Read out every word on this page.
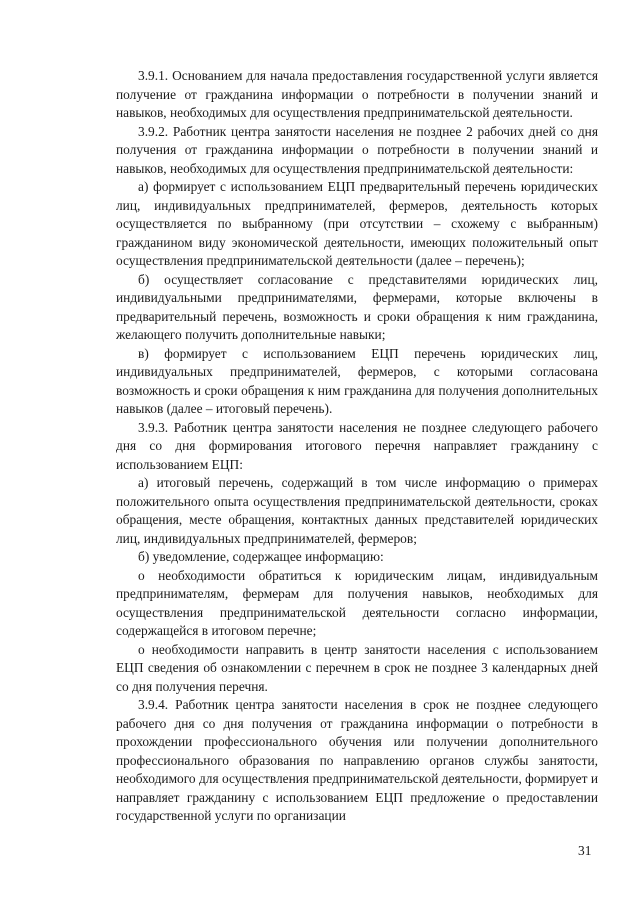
3.9.1. Основанием для начала предоставления государственной услуги является получение от гражданина информации о потребности в получении знаний и навыков, необходимых для осуществления предпринимательской деятельности.

3.9.2. Работник центра занятости населения не позднее 2 рабочих дней со дня получения от гражданина информации о потребности в получении знаний и навыков, необходимых для осуществления предпринимательской деятельности:

а) формирует с использованием ЕЦП предварительный перечень юридических лиц, индивидуальных предпринимателей, фермеров, деятельность которых осуществляется по выбранному (при отсутствии – схожему с выбранным) гражданином виду экономической деятельности, имеющих положительный опыт осуществления предпринимательской деятельности (далее – перечень);

б) осуществляет согласование с представителями юридических лиц, индивидуальными предпринимателями, фермерами, которые включены в предварительный перечень, возможность и сроки обращения к ним гражданина, желающего получить дополнительные навыки;

в) формирует с использованием ЕЦП перечень юридических лиц, индивидуальных предпринимателей, фермеров, с которыми согласована возможность и сроки обращения к ним гражданина для получения дополнительных навыков (далее – итоговый перечень).

3.9.3. Работник центра занятости населения не позднее следующего рабочего дня со дня формирования итогового перечня направляет гражданину с использованием ЕЦП:

а) итоговый перечень, содержащий в том числе информацию о примерах положительного опыта осуществления предпринимательской деятельности, сроках обращения, месте обращения, контактных данных представителей юридических лиц, индивидуальных предпринимателей, фермеров;

б) уведомление, содержащее информацию:

о необходимости обратиться к юридическим лицам, индивидуальным предпринимателям, фермерам для получения навыков, необходимых для осуществления предпринимательской деятельности согласно информации, содержащейся в итоговом перечне;

о необходимости направить в центр занятости населения с использованием ЕЦП сведения об ознакомлении с перечнем в срок не позднее 3 календарных дней со дня получения перечня.

3.9.4. Работник центра занятости населения в срок не позднее следующего рабочего дня со дня получения от гражданина информации о потребности в прохождении профессионального обучения или получении дополнительного профессионального образования по направлению органов службы занятости, необходимого для осуществления предпринимательской деятельности, формирует и направляет гражданину с использованием ЕЦП предложение о предоставлении государственной услуги по организации

31
